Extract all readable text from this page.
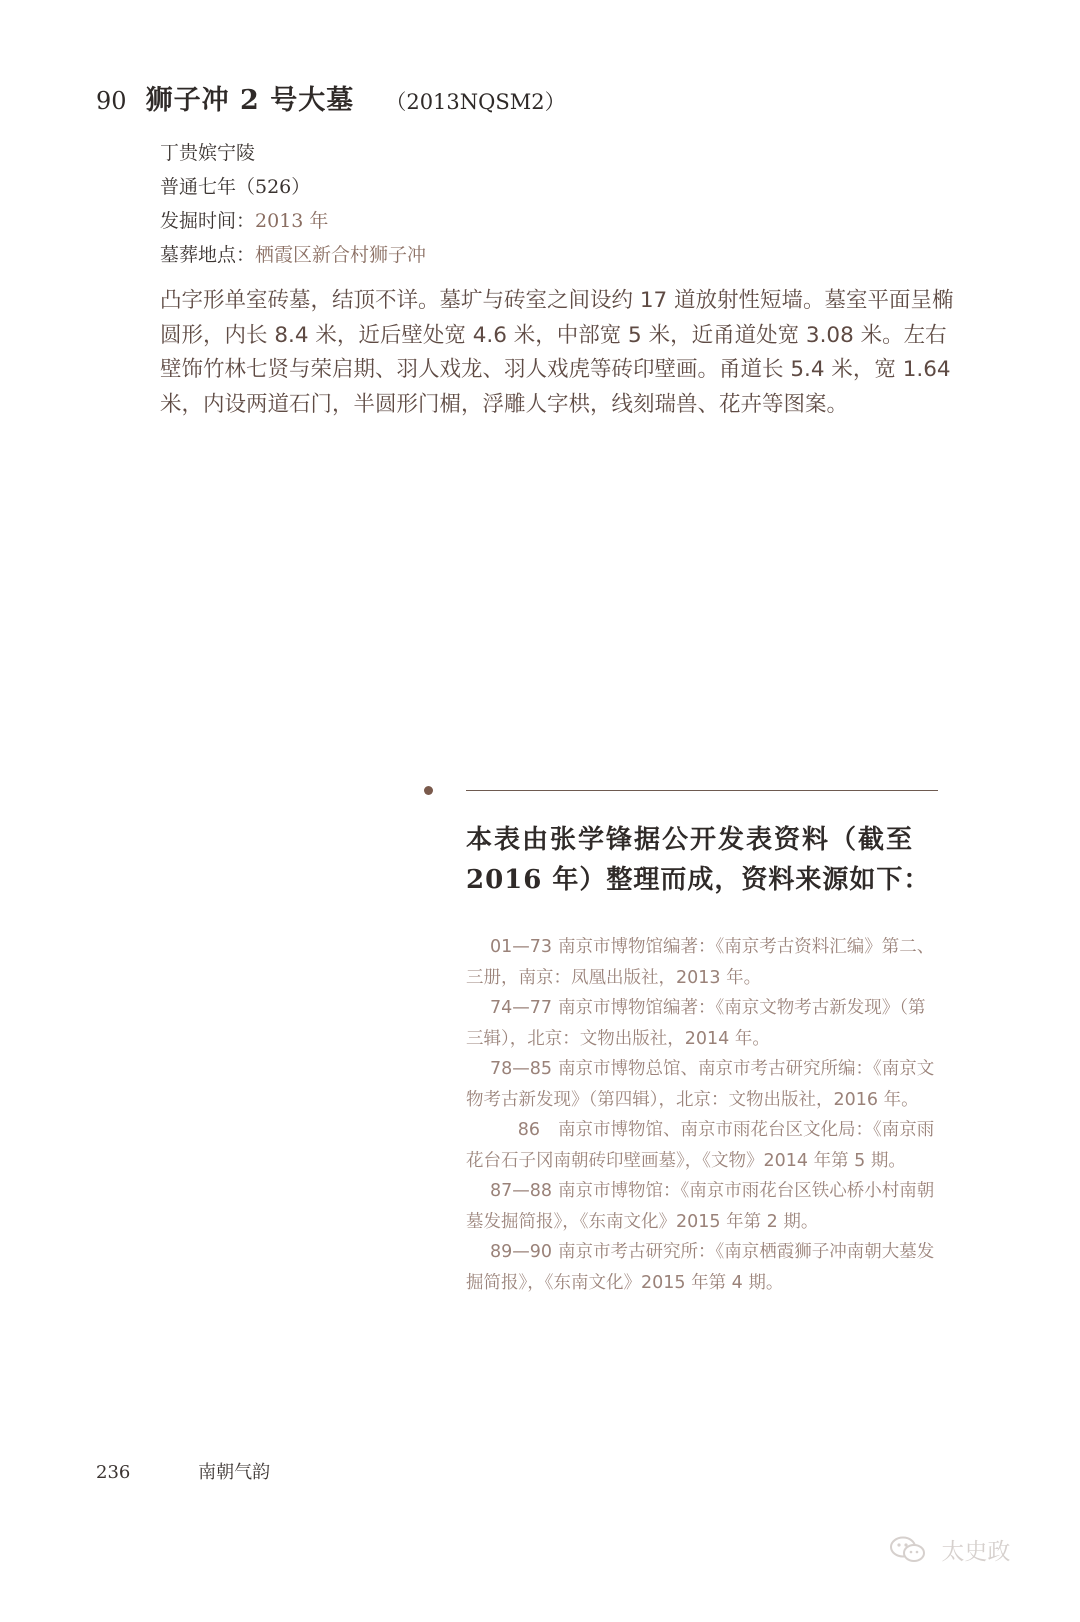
90 狮子冲 2 号大墓 （2013NQSM2）
丁贵嫔宁陵
普通七年（526）
发掘时间：2013 年
墓葬地点：栖霞区新合村狮子冲

凸字形单室砖墓，结顶不详。墓圹与砖室之间设约 17 道放射性短墙。墓室平面呈椭圆形，内长 8.4 米，近后壁处宽 4.6 米，中部宽 5 米，近甬道处宽 3.08 米。左右壁饰竹林七贤与荣启期、羽人戏龙、羽人戏虎等砖印壁画。甬道长 5.4 米，宽 1.64 米，内设两道石门，半圆形门楣，浮雕人字栱，线刻瑞兽、花卉等图案。

本表由张学锋据公开发表资料（截至
2016 年）整理而成，资料来源如下：

01—73 南京市博物馆编著：《南京考古资料汇编》第二、三册，南京：凤凰出版社，2013 年。

74—77 南京市博物馆编著：《南京文物考古新发现》（第三辑），北京：文物出版社，2014 年。

78—85 南京市博物总馆、南京市考古研究所编：《南京文物考古新发现》（第四辑），北京：文物出版社，2016 年。

86 南京市博物馆、南京市雨花台区文化局：《南京雨花台石子冈南朝砖印壁画墓》，《文物》2014 年第 5 期。

87—88 南京市博物馆：《南京市雨花台区铁心桥小村南朝墓发掘简报》，《东南文化》2015 年第 2 期。

89—90 南京市考古研究所：《南京栖霞狮子冲南朝大墓发掘简报》，《东南文化》2015 年第 4 期。

236	南朝气韵
太史政
